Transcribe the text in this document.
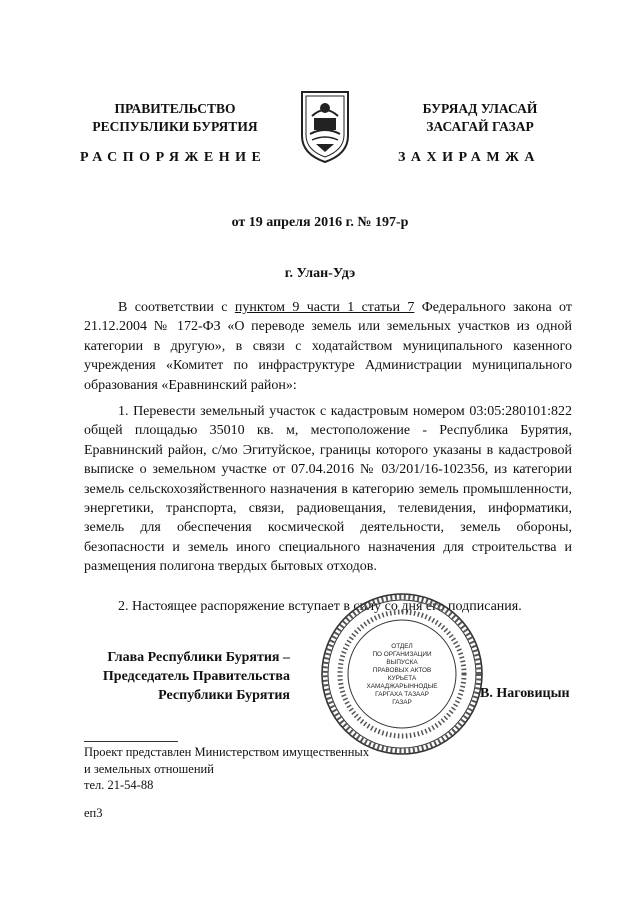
ПРАВИТЕЛЬСТВО
РЕСПУБЛИКИ БУРЯТИЯ
БУРЯАД УЛАСАЙ
ЗАСАГАЙ ГАЗАР
РАСПОРЯЖЕНИЕ	ЗАХИРАМЖА
от 19 апреля 2016 г. № 197-р
г. Улан-Удэ
В соответствии с пунктом 9 части 1 статьи 7 Федерального закона от 21.12.2004 № 172-ФЗ «О переводе земель или земельных участков из одной категории в другую», в связи с ходатайством муниципального казенного учреждения «Комитет по инфраструктуре Администрации муниципального образования «Еравнинский район»:
1. Перевести земельный участок с кадастровым номером 03:05:280101:822 общей площадью 35010 кв. м, местоположение - Республика Бурятия, Еравнинский район, с/мо Эгитуйское, границы которого указаны в кадастровой выписке о земельном участке от 07.04.2016 № 03/201/16-102356, из категории земель сельскохозяйственного назначения в категорию земель промышленности, энергетики, транспорта, связи, радиовещания, телевидения, информатики, земель для обеспечения космической деятельности, земель обороны, безопасности и земель иного специального назначения для строительства и размещения полигона твердых бытовых отходов.
2. Настоящее распоряжение вступает в силу со дня его подписания.
ОТДЕЛ
ПО ОРГАНИЗАЦИИ
ВЫПУСКА
ПРАВОВЫХ АКТОВ
КУРЬЕТА
ХАМАДЖАРЫННОДЫЕ
ГАРГАХА ТАЗААР
ГАЗАР
Глава Республики Бурятия –
Председатель Правительства
Республики Бурятия	В. Наговицын
Проект представлен Министерством имущественных
и земельных отношений
тел. 21-54-88
еп3
